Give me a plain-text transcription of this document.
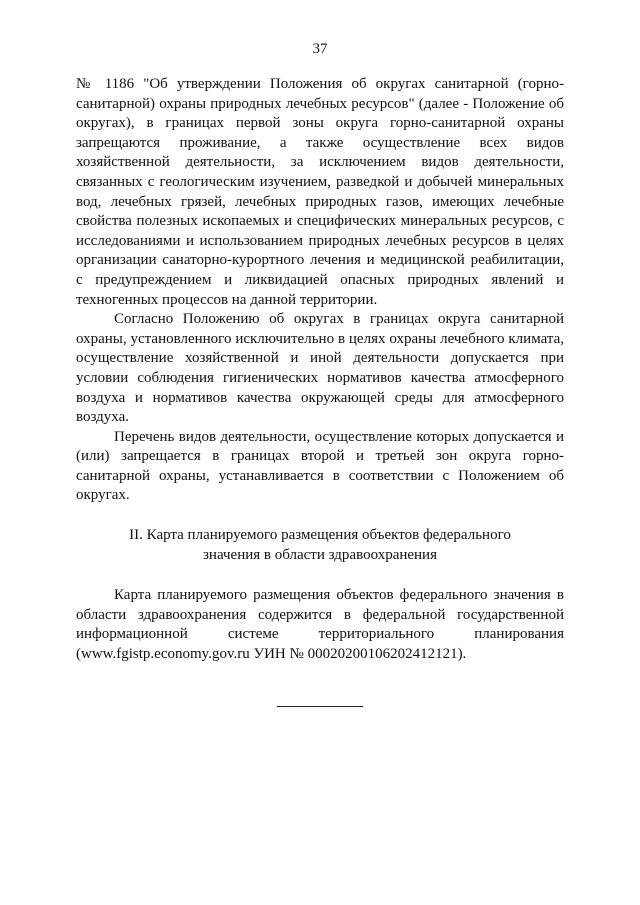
37

№ 1186 "Об утверждении Положения об округах санитарной (горно-санитарной) охраны природных лечебных ресурсов" (далее - Положение об округах), в границах первой зоны округа горно-санитарной охраны запрещаются проживание, а также осуществление всех видов хозяйственной деятельности, за исключением видов деятельности, связанных с геологическим изучением, разведкой и добычей минеральных вод, лечебных грязей, лечебных природных газов, имеющих лечебные свойства полезных ископаемых и специфических минеральных ресурсов, с исследованиями и использованием природных лечебных ресурсов в целях организации санаторно-курортного лечения и медицинской реабилитации, с предупреждением и ликвидацией опасных природных явлений и техногенных процессов на данной территории.

Согласно Положению об округах в границах округа санитарной охраны, установленного исключительно в целях охраны лечебного климата, осуществление хозяйственной и иной деятельности допускается при условии соблюдения гигиенических нормативов качества атмосферного воздуха и нормативов качества окружающей среды для атмосферного воздуха.

Перечень видов деятельности, осуществление которых допускается и (или) запрещается в границах второй и третьей зон округа горно-санитарной охраны, устанавливается в соответствии с Положением об округах.

II. Карта планируемого размещения объектов федерального
значения в области здравоохранения

Карта планируемого размещения объектов федерального значения в области здравоохранения содержится в федеральной государственной информационной системе территориального планирования (www.fgistp.economy.gov.ru УИН № 00020200106202412121).
